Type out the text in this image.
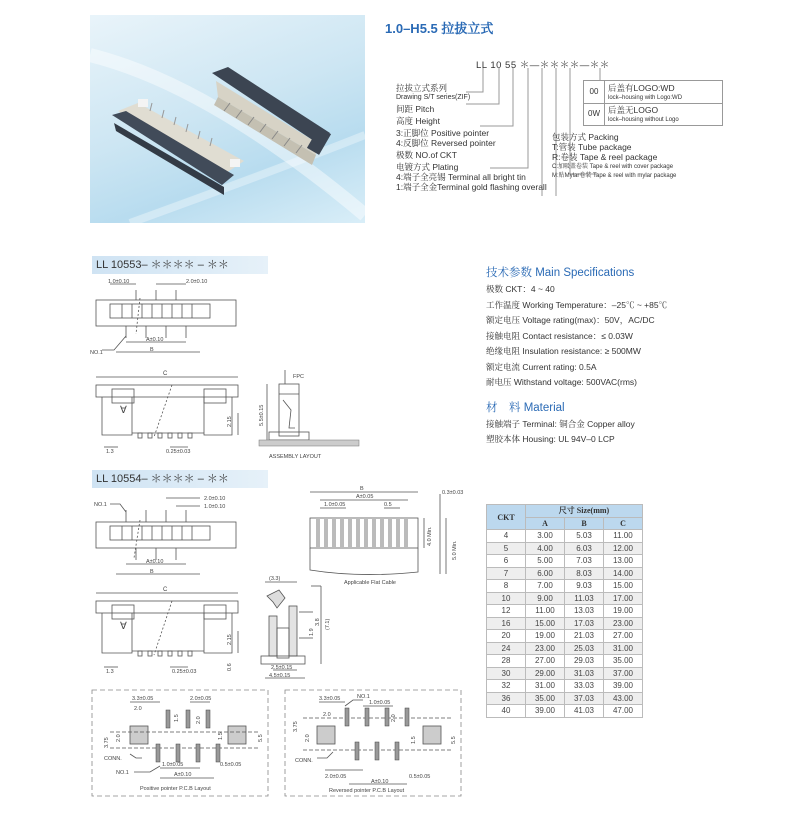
1.0–H5.5 拉拔立式
LL 10 55 ＊—＊＊＊＊—＊＊
拉拔立式系列
Drawing S/T series(ZIF)
间距 Pitch
高度 Height
3:正脚位 Positive pointer
4:反脚位 Reversed pointer
极数 NO.of CKT
电镀方式 Plating
4:端子全亮锡 Terminal all bright tin
1:端子全金Terminal gold flashing overall
包装方式 Packing
T:管装 Tube package
R:卷装 Tape & reel package
C:加吸盖卷装 Tape & reel with cover package
M:贴Mylar卷装 Tape & reel with mylar package
00	后盖有LOGO:WD
lock–housing with Logo:WD
0W 后盖无LOGO
lock–housing without Logo
LL 10553– ＊＊＊＊ – ＊＊
1.0±0.10	2.0±0.10
A±0.10
B
NO.1
∀
C
2.15
1.3	0.25±0.03
FPC
5.5±0.15
ASSEMBLY LAYOUT
LL 10554– ＊＊＊＊ – ＊＊
2.0±0.10
1.0±0.10
NO.1
A±0.10
B
∀
C
2.15
0.6
1.3	0.25±0.03
(3.3)
1.9
3.8 (7.1)
2.5±0.15
4.5±0.15
B
A±0.05
1.0±0.05	0.5
4.0 Min.
0.3±0.03
5.0 Min.
Applicable Flat Cable
3.3±0.05	2.0±0.05
2.0
1.5	2.0
2.0	1.5
3.75	5.5
CONN.
NO.1
1.0±0.05	0.5±0.05
A±0.10
Positive pointer P.C.B Layout
3.3±0.05	NO.1
1.0±0.05
2.0	2.0
3.75
2.0	1.5	5.5
CONN.
2.0±0.05	0.5±0.05
A±0.10
Reversed pointer P.C.B Layout
技术参数 Main Specifications
极数 CKT：4 ~ 40
工作温度 Working Temperature：–25℃ ~ +85℃
额定电压 Voltage rating(max)：50V，AC/DC
接触电阻 Contact resistance：≤ 0.03W
绝缘电阻 Insulation resistance: ≥ 500MW
额定电流 Current rating: 0.5A
耐电压 Withstand voltage: 500VAC(rms)
材　料 Material
接触端子 Terminal: 铜合金 Copper alloy
塑胶本体 Housing: UL 94V–0 LCP
CKT	尺寸 Size(mm)		
	A	B	C
4	3.00	5.03	11.00
5	4.00	6.03	12.00
6	5.00	7.03	13.00
7	6.00	8.03	14.00
8	7.00	9.03	15.00
10	9.00	11.03	17.00
12	11.00	13.03	19.00
16	15.00	17.03	23.00
20	19.00	21.03	27.00
24	23.00	25.03	31.00
28	27.00	29.03	35.00
30	29.00	31.03	37.00
32	31.00	33.03	39.00
36	35.00	37.03	43.00
40	39.00	41.03	47.00
